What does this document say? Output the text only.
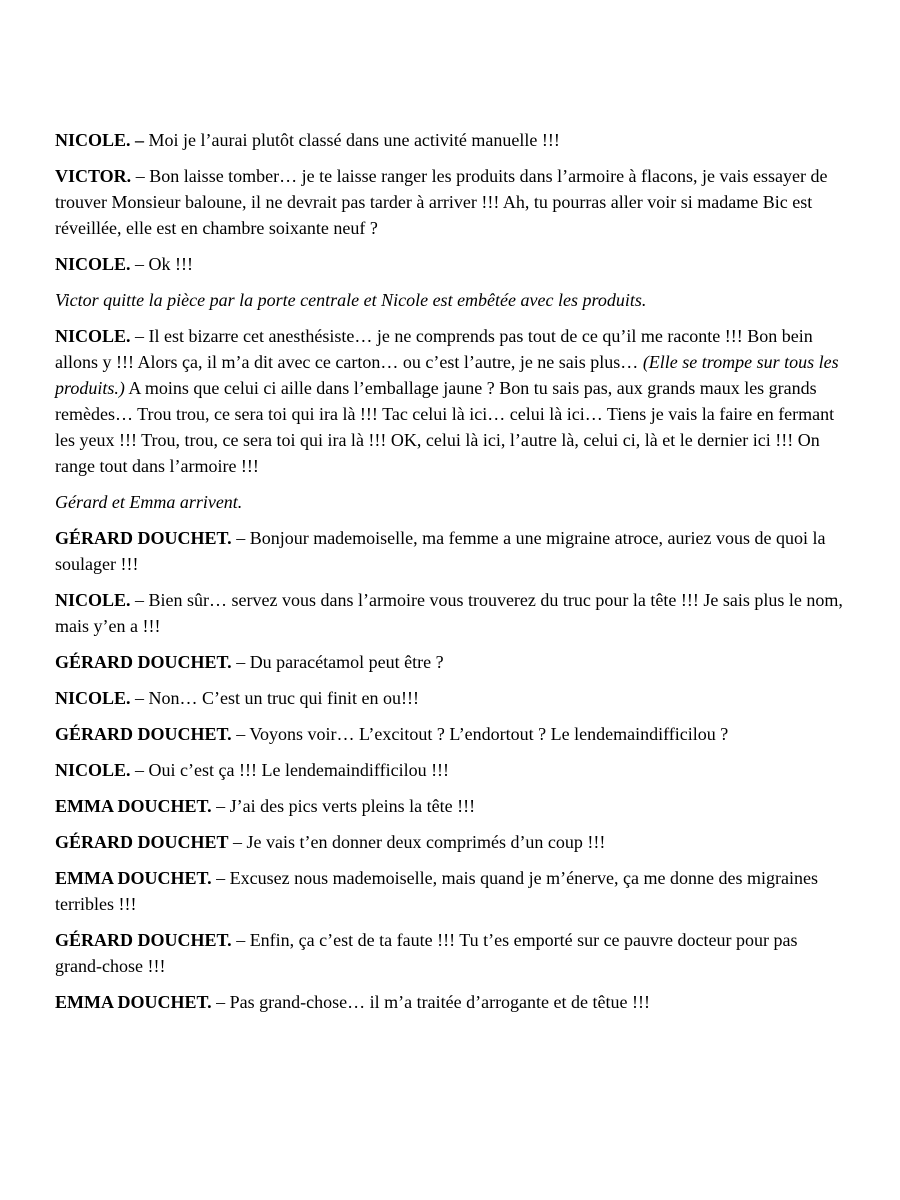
NICOLE. – Moi je l’aurai plutôt classé dans une activité manuelle !!!

VICTOR. – Bon laisse tomber… je te laisse ranger les produits dans l’armoire à flacons, je vais essayer de trouver Monsieur baloune, il ne devrait pas tarder à arriver !!! Ah, tu pourras aller voir si madame Bic est réveillée, elle est en chambre soixante neuf ?

NICOLE. – Ok !!!

Victor quitte la pièce par la porte centrale et Nicole est embêtée avec les produits.

NICOLE. – Il est bizarre cet anesthésiste… je ne comprends pas tout de ce qu’il me raconte !!! Bon bein allons y !!! Alors ça, il m’a dit avec ce carton… ou c’est l’autre, je ne sais plus… (Elle se trompe sur tous les produits.) A moins que celui ci aille dans l’emballage jaune ? Bon tu sais pas, aux grands maux les grands remèdes… Trou trou, ce sera toi qui ira là !!! Tac celui là ici… celui là ici… Tiens je vais la faire en fermant les yeux !!! Trou, trou, ce sera toi qui ira là !!! OK, celui là ici, l’autre là, celui ci, là et le dernier ici !!! On range tout dans l’armoire !!!

Gérard et Emma arrivent.

GÉRARD DOUCHET. – Bonjour mademoiselle, ma femme a une migraine atroce, auriez vous de quoi la soulager !!!

NICOLE. – Bien sûr… servez vous dans l’armoire vous trouverez du truc pour la tête !!! Je sais plus le nom, mais y’en a !!!

GÉRARD DOUCHET. – Du paracétamol peut être ?

NICOLE. – Non… C’est un truc qui finit en ou!!!

GÉRARD DOUCHET. – Voyons voir… L’excitout ? L’endortout ? Le lendemaindifficilou ?

NICOLE. – Oui c’est ça !!! Le lendemaindifficilou !!!

EMMA DOUCHET. – J’ai des pics verts pleins la tête !!!

GÉRARD DOUCHET – Je vais t’en donner deux comprimés d’un coup !!!

EMMA DOUCHET. – Excusez nous mademoiselle, mais quand je m’énerve, ça me donne des migraines terribles !!!

GÉRARD DOUCHET. – Enfin, ça c’est de ta faute !!! Tu t’es emporté sur ce pauvre docteur pour pas grand-chose !!!

EMMA DOUCHET. – Pas grand-chose… il m’a traitée d’arrogante et de têtue !!!
